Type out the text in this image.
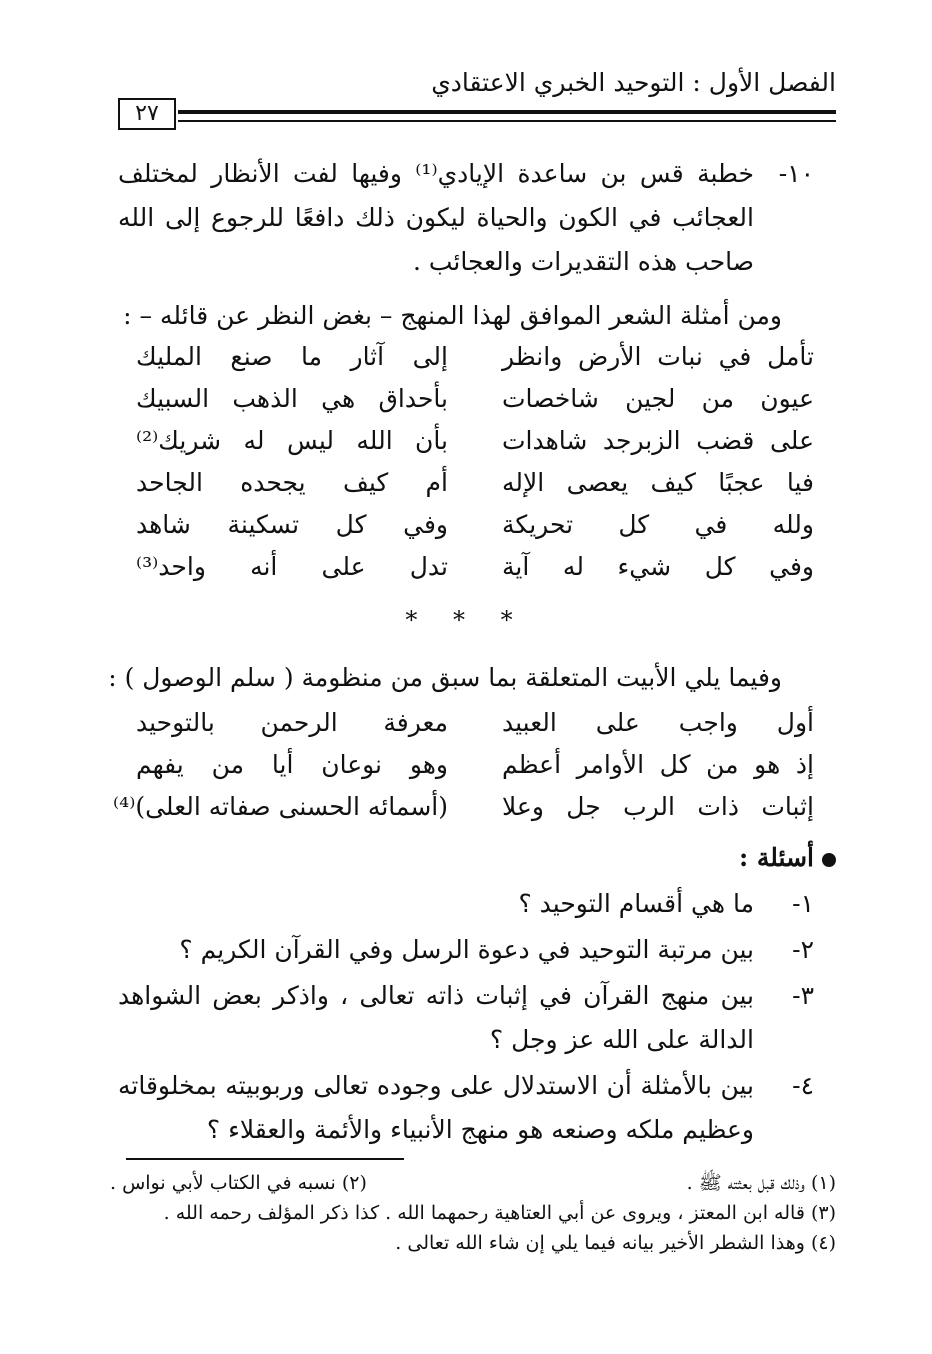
الفصل الأول : التوحيد الخبري الاعتقادي
٢٧
١٠-
خطبة قس بن ساعدة الإيادي⁽¹⁾ وفيها لفت الأنظار لمختلف العجائب في الكون والحياة ليكون ذلك دافعًا للرجوع إلى الله صاحب هذه التقديرات والعجائب .
ومن أمثلة الشعر الموافق لهذا المنهج – بغض النظر عن قائله – :
تأمل في نبات الأرض وانظر
إلى آثار ما صنع المليك
عيون من لجين شاخصات
بأحداق هي الذهب السبيك
على قضب الزبرجد شاهدات
بأن الله ليس له شريك⁽²⁾
فيا عجبًا كيف يعصى الإله
أم كيف يجحده الجاحد
ولله في كل تحريكة
وفي كل تسكينة شاهد
وفي كل شيء له آية
تدل على أنه واحد⁽³⁾
* * *
وفيما يلي الأبيت المتعلقة بما سبق من منظومة ( سلم الوصول ) :
أول واجب على العبيد
معرفة الرحمن بالتوحيد
إذ هو من كل الأوامر أعظم
وهو نوعان أيا من يفهم
إثبات ذات الرب جل وعلا
(أسمائه الحسنى صفاته العلى)⁽⁴⁾
أسئلة :
١-
ما هي أقسام التوحيد ؟
٢-
بين مرتبة التوحيد في دعوة الرسل وفي القرآن الكريم ؟
٣-
بين منهج القرآن في إثبات ذاته تعالى ، واذكر بعض الشواهد الدالة على الله عز وجل ؟
٤-
بين بالأمثلة أن الاستدلال على وجوده تعالى وربوبيته بمخلوقاته وعظيم ملكه وصنعه هو منهج الأنبياء والأئمة والعقلاء ؟
(١) وذلك قبل بعثته ﷺ .
(٢) نسبه في الكتاب لأبي نواس .
(٣) قاله ابن المعتز ، ويروى عن أبي العتاهية رحمهما الله . كذا ذكر المؤلف رحمه الله .
(٤) وهذا الشطر الأخير بيانه فيما يلي إن شاء الله تعالى .
